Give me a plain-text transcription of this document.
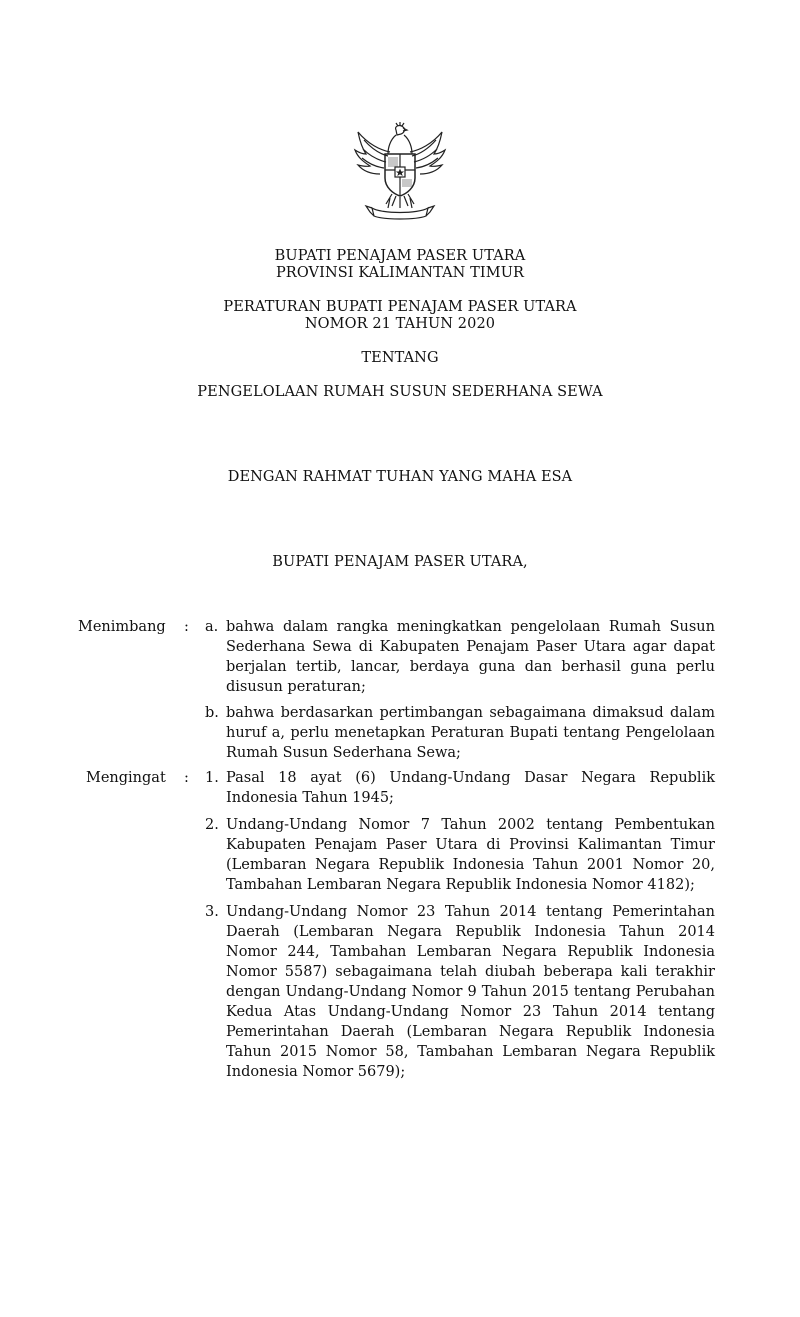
BUPATI PENAJAM PASER UTARA
PROVINSI KALIMANTAN TIMUR
PERATURAN BUPATI PENAJAM PASER UTARA
NOMOR 21 TAHUN 2020
TENTANG
PENGELOLAAN RUMAH SUSUN SEDERHANA SEWA
DENGAN RAHMAT TUHAN YANG MAHA ESA
BUPATI PENAJAM PASER UTARA,
Menimbang : a. bahwa dalam rangka meningkatkan pengelolaan Rumah Susun Sederhana Sewa di Kabupaten Penajam Paser Utara agar dapat berjalan tertib, lancar, berdaya guna dan berhasil guna perlu disusun peraturan;
b. bahwa berdasarkan pertimbangan sebagaimana dimaksud dalam huruf a, perlu menetapkan Peraturan Bupati tentang Pengelolaan Rumah Susun Sederhana Sewa;
Mengingat : 1. Pasal 18 ayat (6) Undang-Undang Dasar Negara Republik Indonesia Tahun 1945;
2. Undang-Undang Nomor 7 Tahun 2002 tentang Pembentukan Kabupaten Penajam Paser Utara di Provinsi Kalimantan Timur (Lembaran Negara Republik Indonesia Tahun 2001 Nomor 20, Tambahan Lembaran Negara Republik Indonesia Nomor 4182);
3. Undang-Undang Nomor 23 Tahun 2014 tentang Pemerintahan Daerah (Lembaran Negara Republik Indonesia Tahun 2014 Nomor 244, Tambahan Lembaran Negara Republik Indonesia Nomor 5587) sebagaimana telah diubah beberapa kali terakhir dengan Undang-Undang Nomor 9 Tahun 2015 tentang Perubahan Kedua Atas Undang-Undang Nomor 23 Tahun 2014 tentang Pemerintahan Daerah (Lembaran Negara Republik Indonesia Tahun 2015 Nomor 58, Tambahan Lembaran Negara Republik Indonesia Nomor 5679);
